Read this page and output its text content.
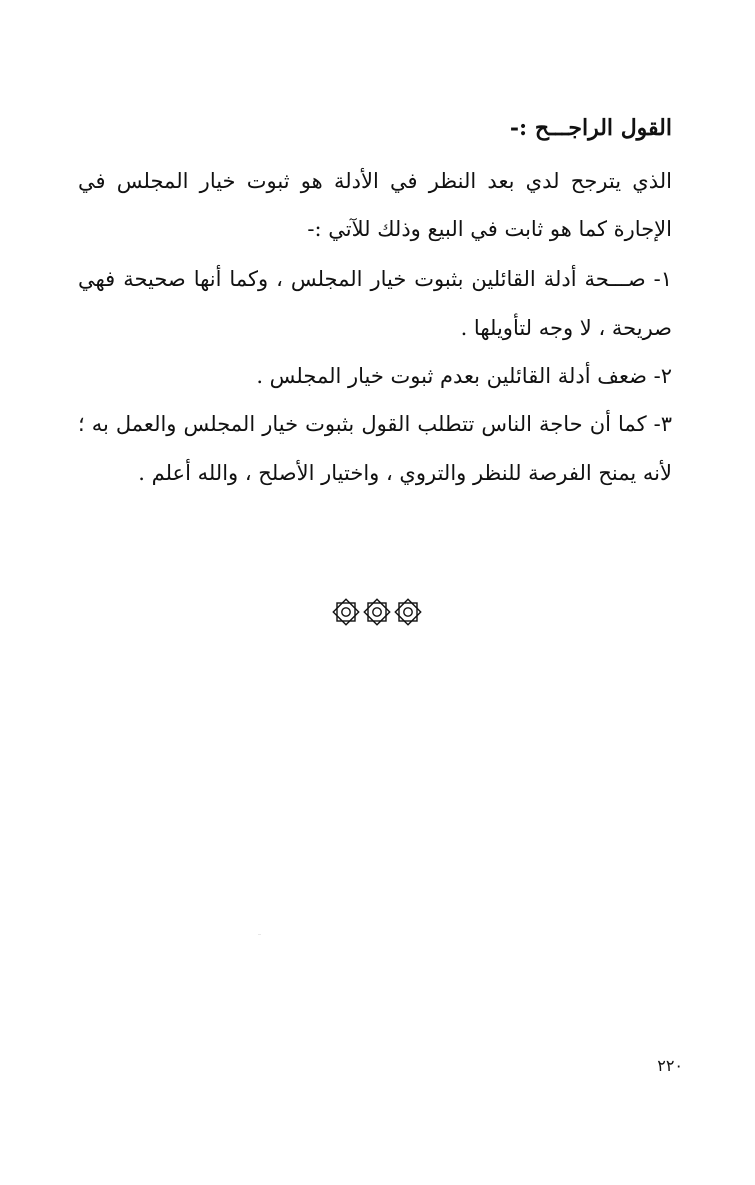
القول الراجـــح :-
الذي يترجح لدي بعد النظر في الأدلة هو ثبوت خيار المجلس في
الإجارة كما هو ثابت في البيع وذلك للآتي :-
١- صـــحة أدلة القائلين بثبوت خيار المجلس ، وكما أنها صحيحة فهي
صريحة ، لا وجه لتأويلها .
٢- ضعف أدلة القائلين بعدم ثبوت خيار المجلس .
٣- كما أن حاجة الناس تتطلب القول بثبوت خيار المجلس والعمل به ؛
لأنه يمنح الفرصة للنظر والتروي ، واختيار الأصلح ، والله أعلم .
٢٢٠
